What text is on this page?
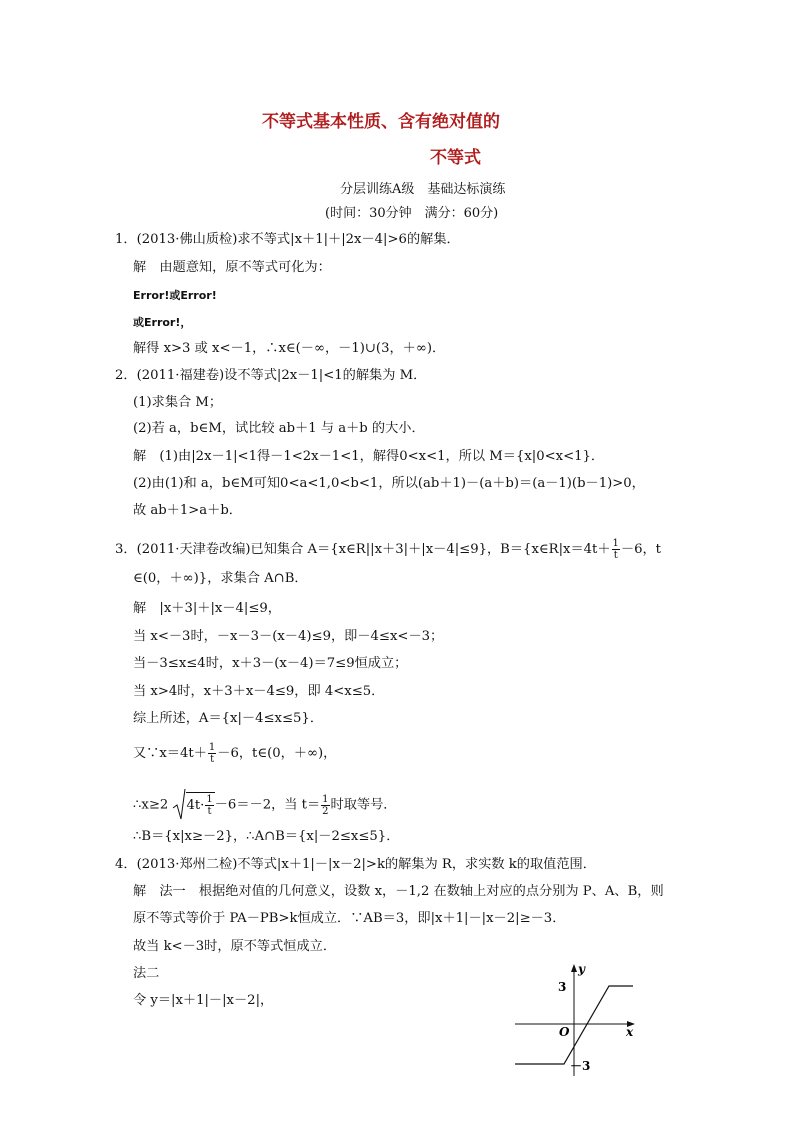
不等式基本性质、含有绝对值的
不等式
分层训练A级　基础达标演练
(时间：30分钟　满分：60分)
1．(2013·佛山质检)求不等式|x＋1|＋|2x－4|>6的解集．
解　由题意知，原不等式可化为：
Error!或Error!
或Error!，
解得 x>3 或 x<－1，∴x∈(－∞，－1)∪(3，＋∞)．
2．(2011·福建卷)设不等式|2x－1|<1的解集为 M．
(1)求集合 M；
(2)若 a，b∈M，试比较 ab＋1 与 a＋b 的大小．
解　(1)由|2x－1|<1得－1<2x－1<1，解得0<x<1，所以 M＝{x|0<x<1}．
(2)由(1)和 a，b∈M可知0<a<1,0<b<1，所以(ab＋1)－(a＋b)＝(a－1)(b－1)>0，
故 ab＋1>a＋b．
3．(2011·天津卷改编)已知集合 A＝{x∈R||x＋3|＋|x－4|≤9}，B＝{x∈R|x＝4t＋ $\frac{1}{t} -6$，t
∈(0，＋∞)}，求集合 A∩B．
解　|x＋3|＋|x－4|≤9，
当 x<－3时，－x－3－(x－4)≤9，即－4≤x<－3；
当－3≤x≤4时，x＋3－(x－4)＝7≤9恒成立；
当 x>4时，x＋3＋x－4≤9，即 4<x≤5．
综上所述，A＝{x|－4≤x≤5}．
又∵x＝4t＋ $\frac{1}{t} -6$，t∈(0，＋∞)，
∴x≥2 $4t\cdot \frac{1}{t} -6=-2$，当 $t= \frac{1}{2}$ 时取等号．
∴B＝{x|x≥－2}，∴A∩B＝{x|－2≤x≤5}．
4．(2013·郑州二检)不等式|x＋1|－|x－2|>k的解集为 R，求实数 k的取值范围．
解　法一　根据绝对值的几何意义，设数 x，－1,2 在数轴上对应的点分别为 P、A、B，则
原不等式等价于 PA－PB>k恒成立．∵AB＝3，即|x＋1|－|x－2|≥－3．
故当 k<－3时，原不等式恒成立．
法二
令 y＝|x＋1|－|x－2|，
y
x
O
3
－3
